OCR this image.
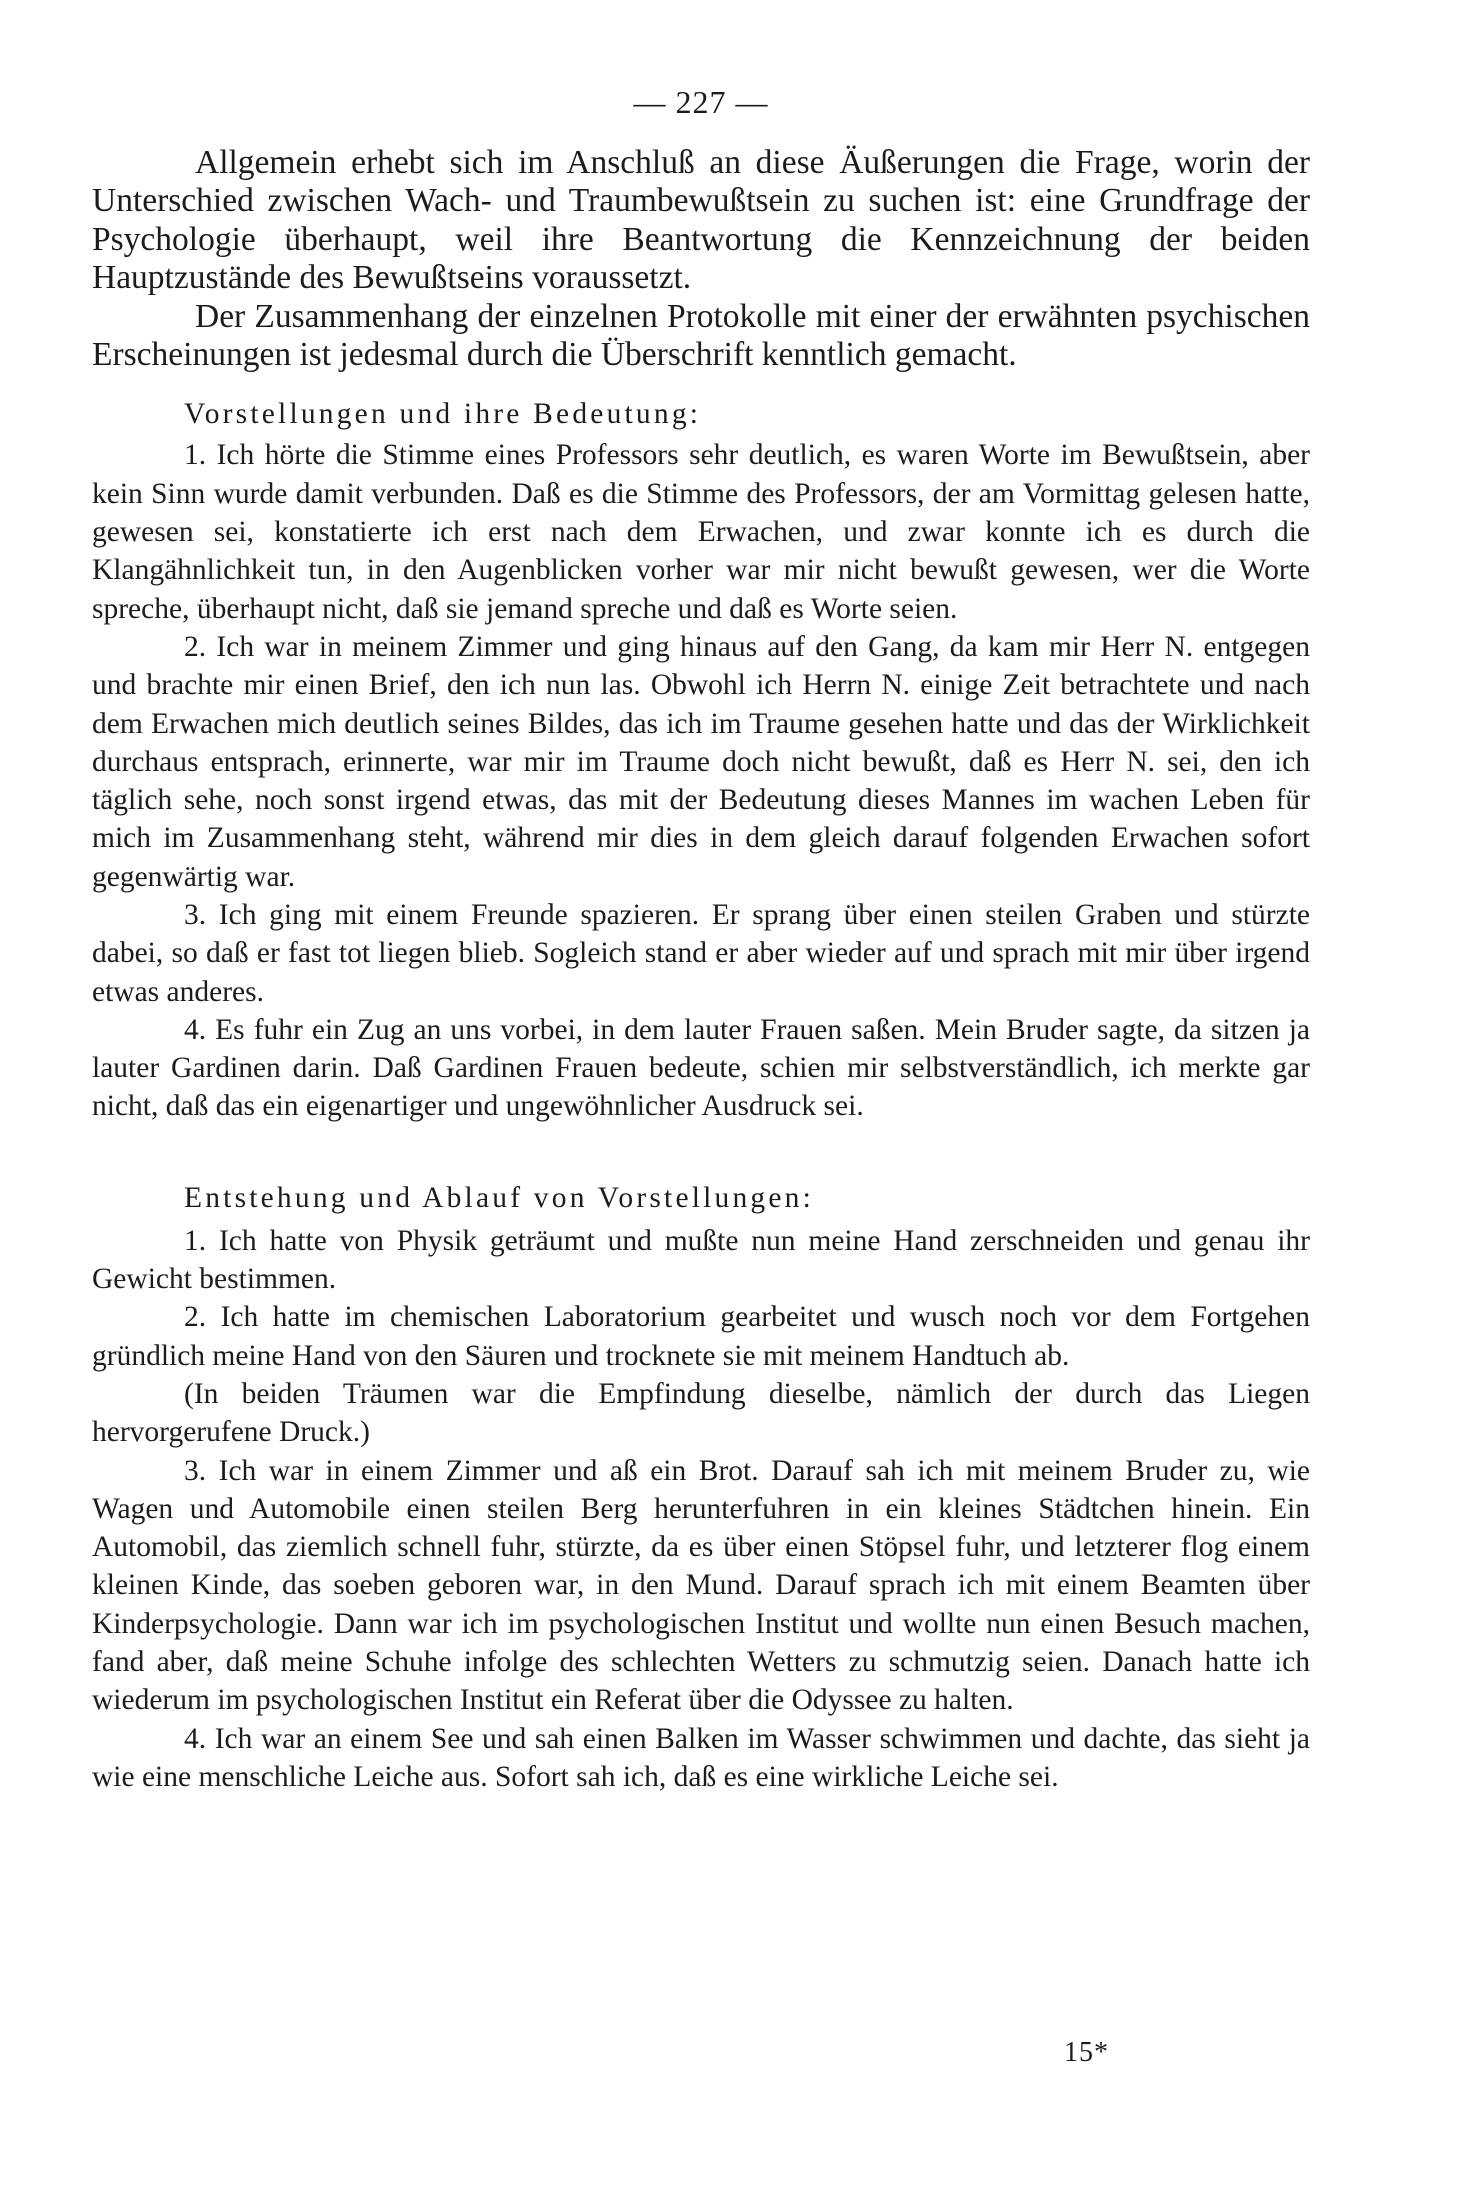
— 227 —

Allgemein erhebt sich im Anschluß an diese Äußerungen die Frage, worin der Unterschied zwischen Wach- und Traumbewußtsein zu suchen ist: eine Grundfrage der Psychologie überhaupt, weil ihre Beantwortung die Kennzeichnung der beiden Hauptzustände des Bewußtseins voraussetzt.

Der Zusammenhang der einzelnen Protokolle mit einer der erwähnten psychischen Erscheinungen ist jedesmal durch die Überschrift kenntlich gemacht.

Vorstellungen und ihre Bedeutung:

1. Ich hörte die Stimme eines Professors sehr deutlich, es waren Worte im Bewußtsein, aber kein Sinn wurde damit verbunden. Daß es die Stimme des Professors, der am Vormittag gelesen hatte, gewesen sei, konstatierte ich erst nach dem Erwachen, und zwar konnte ich es durch die Klangähnlichkeit tun, in den Augenblicken vorher war mir nicht bewußt gewesen, wer die Worte spreche, überhaupt nicht, daß sie jemand spreche und daß es Worte seien.

2. Ich war in meinem Zimmer und ging hinaus auf den Gang, da kam mir Herr N. entgegen und brachte mir einen Brief, den ich nun las. Obwohl ich Herrn N. einige Zeit betrachtete und nach dem Erwachen mich deutlich seines Bildes, das ich im Traume gesehen hatte und das der Wirklichkeit durchaus entsprach, erinnerte, war mir im Traume doch nicht bewußt, daß es Herr N. sei, den ich täglich sehe, noch sonst irgend etwas, das mit der Bedeutung dieses Mannes im wachen Leben für mich im Zusammenhang steht, während mir dies in dem gleich darauf folgenden Erwachen sofort gegenwärtig war.

3. Ich ging mit einem Freunde spazieren. Er sprang über einen steilen Graben und stürzte dabei, so daß er fast tot liegen blieb. Sogleich stand er aber wieder auf und sprach mit mir über irgend etwas anderes.

4. Es fuhr ein Zug an uns vorbei, in dem lauter Frauen saßen. Mein Bruder sagte, da sitzen ja lauter Gardinen darin. Daß Gardinen Frauen bedeute, schien mir selbstverständlich, ich merkte gar nicht, daß das ein eigenartiger und ungewöhnlicher Ausdruck sei.

Entstehung und Ablauf von Vorstellungen:

1. Ich hatte von Physik geträumt und mußte nun meine Hand zerschneiden und genau ihr Gewicht bestimmen.

2. Ich hatte im chemischen Laboratorium gearbeitet und wusch noch vor dem Fortgehen gründlich meine Hand von den Säuren und trocknete sie mit meinem Handtuch ab.

(In beiden Träumen war die Empfindung dieselbe, nämlich der durch das Liegen hervorgerufene Druck.)

3. Ich war in einem Zimmer und aß ein Brot. Darauf sah ich mit meinem Bruder zu, wie Wagen und Automobile einen steilen Berg herunterfuhren in ein kleines Städtchen hinein. Ein Automobil, das ziemlich schnell fuhr, stürzte, da es über einen Stöpsel fuhr, und letzterer flog einem kleinen Kinde, das soeben geboren war, in den Mund. Darauf sprach ich mit einem Beamten über Kinderpsychologie. Dann war ich im psychologischen Institut und wollte nun einen Besuch machen, fand aber, daß meine Schuhe infolge des schlechten Wetters zu schmutzig seien. Danach hatte ich wiederum im psychologischen Institut ein Referat über die Odyssee zu halten.

4. Ich war an einem See und sah einen Balken im Wasser schwimmen und dachte, das sieht ja wie eine menschliche Leiche aus. Sofort sah ich, daß es eine wirkliche Leiche sei.

15*
